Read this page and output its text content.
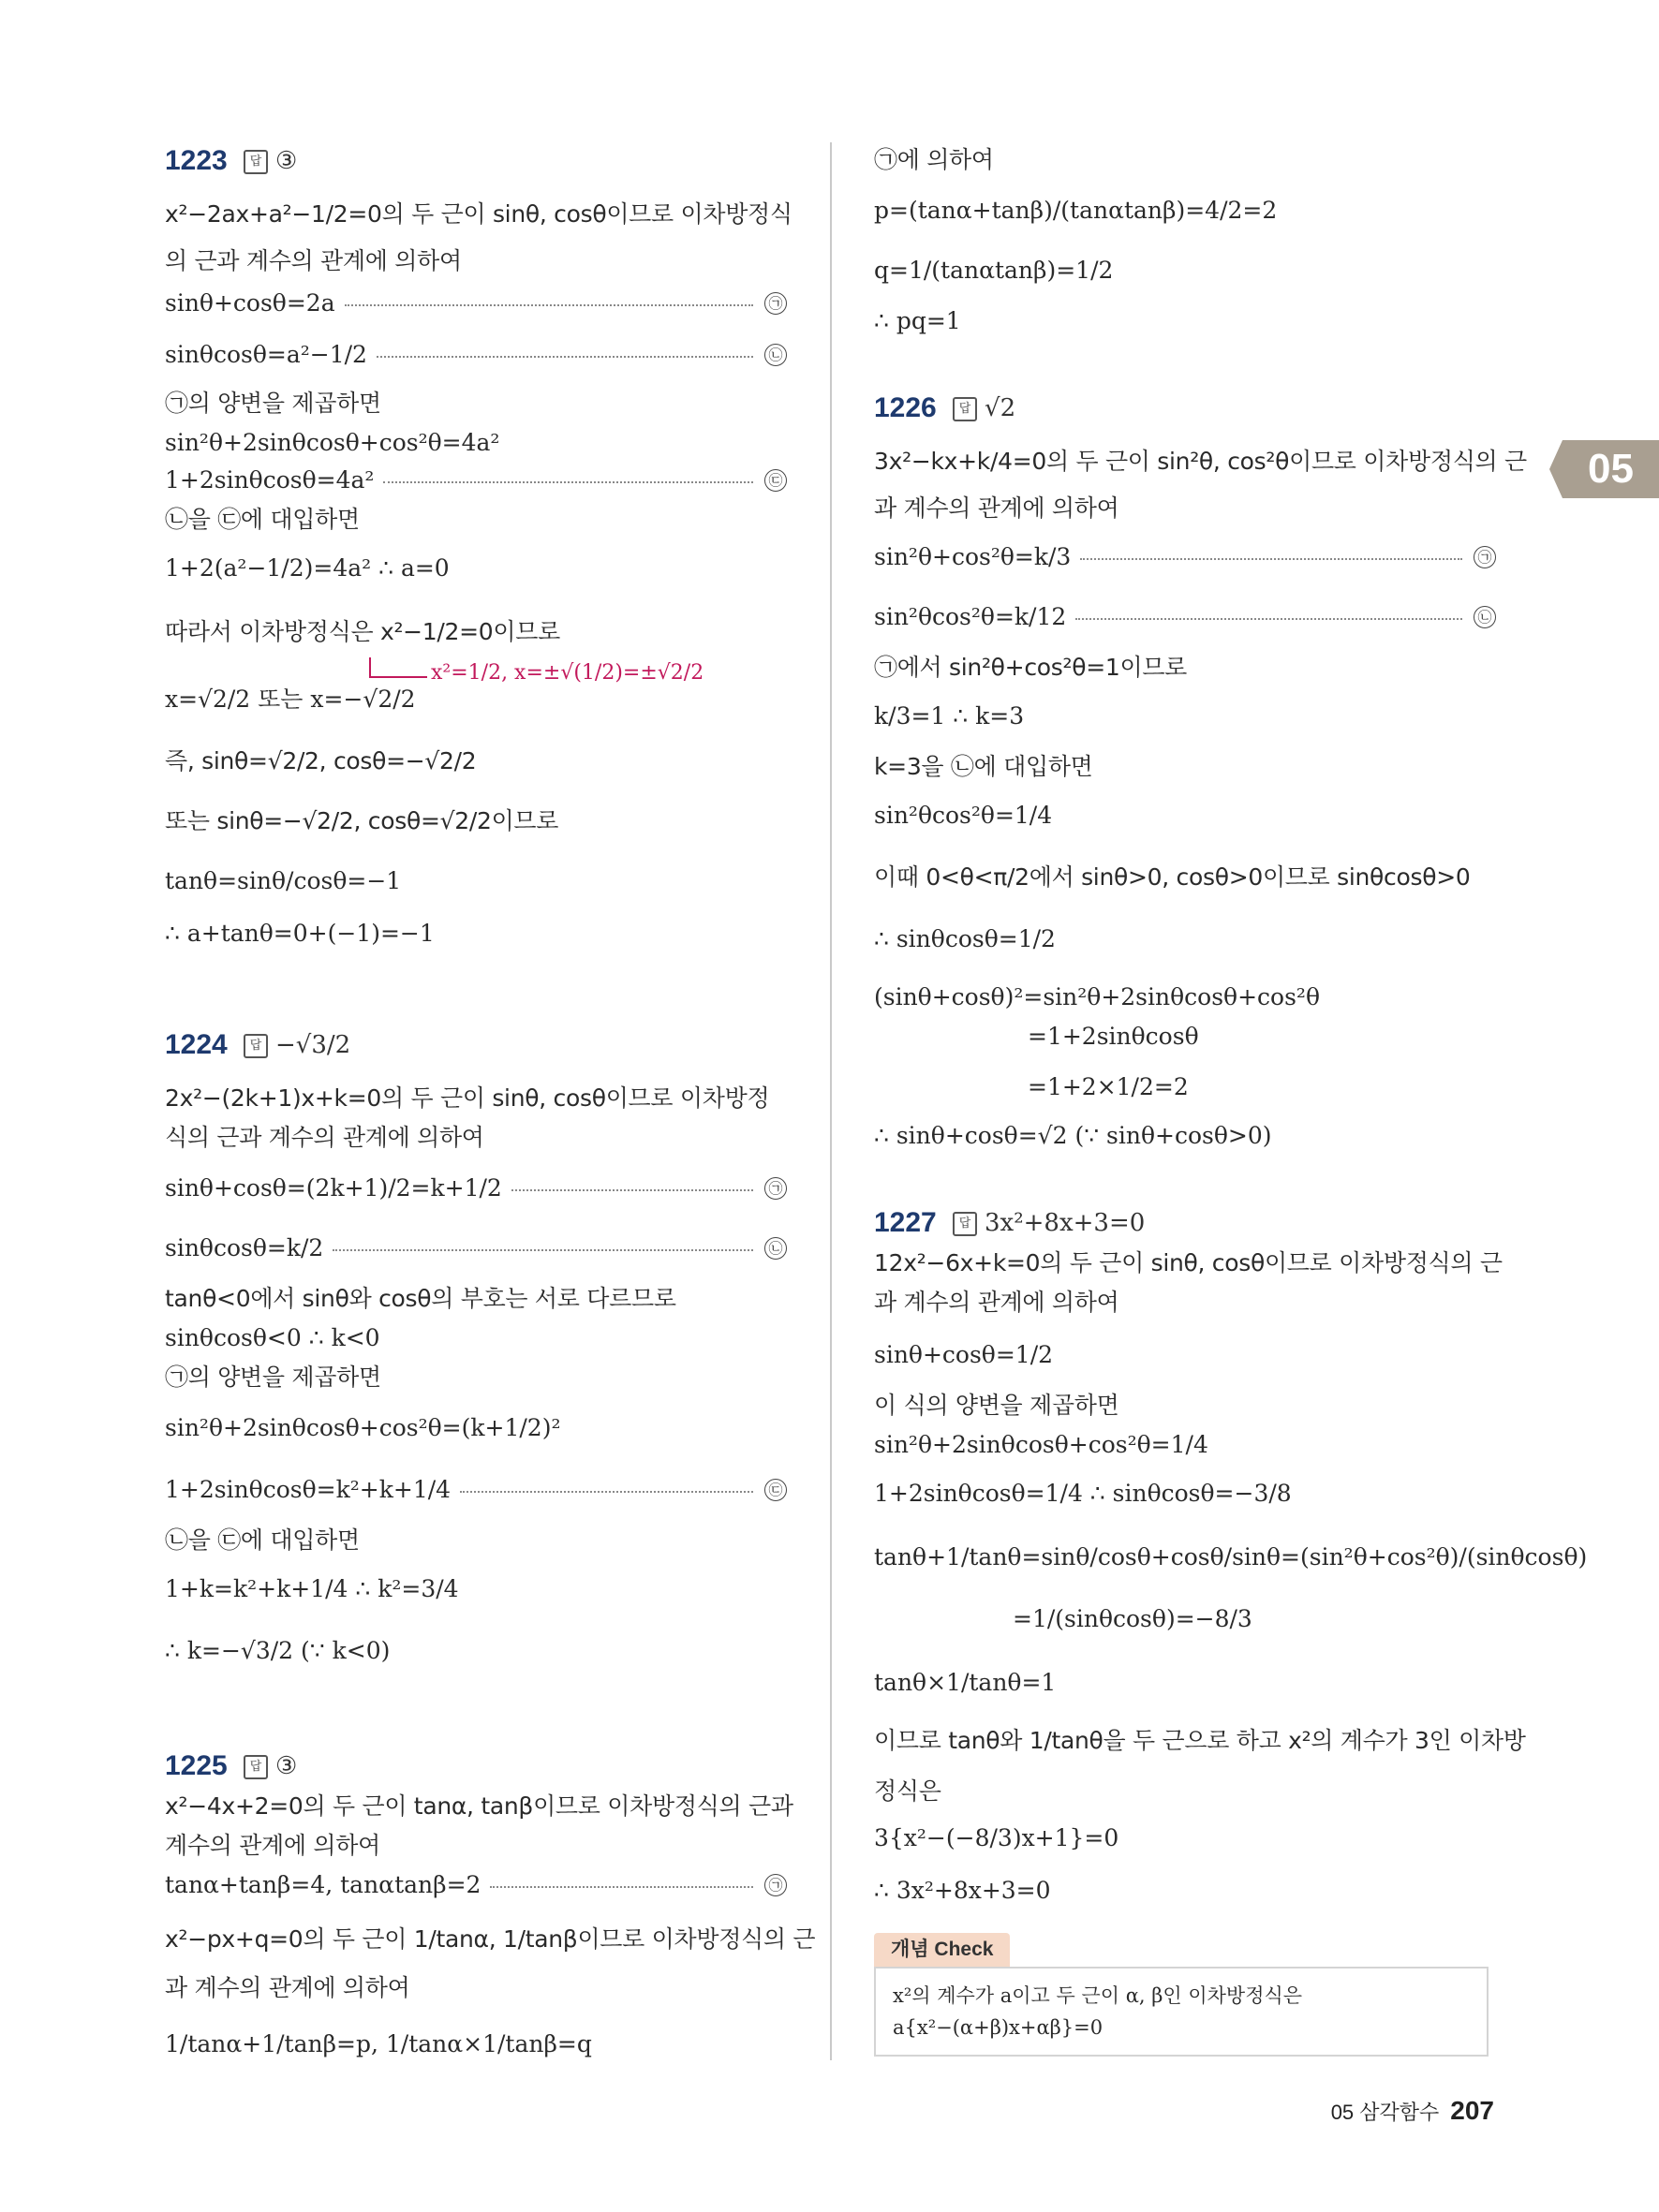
05
1223	답 ③
x²−2ax+a²−1/2=0의 두 근이 sinθ, cosθ이므로 이차방정식
의 근과 계수의 관계에 의하여
sinθ+cosθ=2a	㉠
sinθcosθ=a²−1/2	㉡
㉠의 양변을 제곱하면
sin²θ+2sinθcosθ+cos²θ=4a²
1+2sinθcosθ=4a²	㉢
㉡을 ㉢에 대입하면
1+2(a²−1/2)=4a² ∴ a=0
따라서 이차방정식은 x²−1/2=0이므로
x²=1/2, x=±√(1/2)=±√2/2
x=√2/2 또는 x=−√2/2
즉, sinθ=√2/2, cosθ=−√2/2
또는 sinθ=−√2/2, cosθ=√2/2이므로
tanθ=sinθ/cosθ=−1
∴ a+tanθ=0+(−1)=−1
1224	답 −√3/2
2x²−(2k+1)x+k=0의 두 근이 sinθ, cosθ이므로 이차방정
식의 근과 계수의 관계에 의하여
sinθ+cosθ=(2k+1)/2=k+1/2	㉠
sinθcosθ=k/2	㉡
tanθ<0에서 sinθ와 cosθ의 부호는 서로 다르므로
sinθcosθ<0 ∴ k<0
㉠의 양변을 제곱하면
sin²θ+2sinθcosθ+cos²θ=(k+1/2)²
1+2sinθcosθ=k²+k+1/4	㉢
㉡을 ㉢에 대입하면
1+k=k²+k+1/4 ∴ k²=3/4
∴ k=−√3/2 (∵ k<0)
1225	답 ③
x²−4x+2=0의 두 근이 tanα, tanβ이므로 이차방정식의 근과
계수의 관계에 의하여
tanα+tanβ=4, tanαtanβ=2	㉠
x²−px+q=0의 두 근이 1/tanα, 1/tanβ이므로 이차방정식의 근
과 계수의 관계에 의하여
1/tanα+1/tanβ=p, 1/tanα×1/tanβ=q
㉠에 의하여
p=(tanα+tanβ)/(tanαtanβ)=4/2=2
q=1/(tanαtanβ)=1/2
∴ pq=1
1226	답 √2
3x²−kx+k/4=0의 두 근이 sin²θ, cos²θ이므로 이차방정식의 근
과 계수의 관계에 의하여
sin²θ+cos²θ=k/3	㉠
sin²θcos²θ=k/12	㉡
㉠에서 sin²θ+cos²θ=1이므로
k/3=1 ∴ k=3
k=3을 ㉡에 대입하면
sin²θcos²θ=1/4
이때 0<θ<π/2에서 sinθ>0, cosθ>0이므로 sinθcosθ>0
∴ sinθcosθ=1/2
(sinθ+cosθ)²=sin²θ+2sinθcosθ+cos²θ
=1+2sinθcosθ
=1+2×1/2=2
∴ sinθ+cosθ=√2 (∵ sinθ+cosθ>0)
1227	답 3x²+8x+3=0
12x²−6x+k=0의 두 근이 sinθ, cosθ이므로 이차방정식의 근
과 계수의 관계에 의하여
sinθ+cosθ=1/2
이 식의 양변을 제곱하면
sin²θ+2sinθcosθ+cos²θ=1/4
1+2sinθcosθ=1/4 ∴ sinθcosθ=−3/8
tanθ+1/tanθ=sinθ/cosθ+cosθ/sinθ=(sin²θ+cos²θ)/(sinθcosθ)
=1/(sinθcosθ)=−8/3
tanθ×1/tanθ=1
이므로 tanθ와 1/tanθ을 두 근으로 하고 x²의 계수가 3인 이차방
정식은
3{x²−(−8/3)x+1}=0
∴ 3x²+8x+3=0
개념 Check
x²의 계수가 a이고 두 근이 α, β인 이차방정식은
a{x²−(α+β)x+αβ}=0
05 삼각함수 207
